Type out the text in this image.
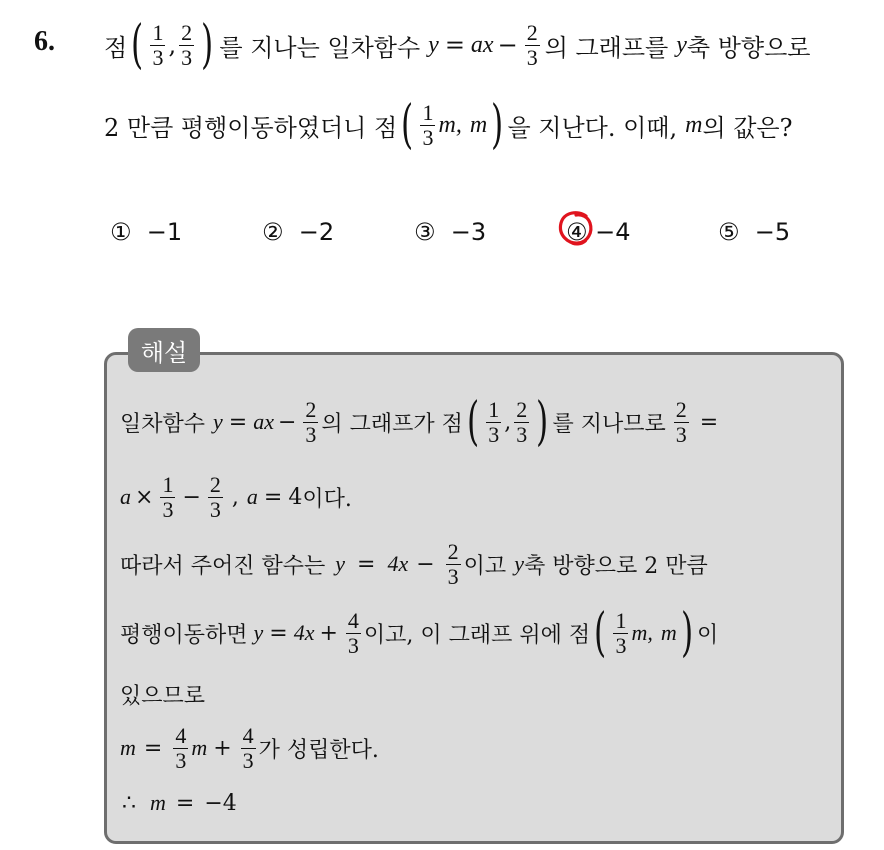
6. 점 ( $\frac{1}{3}$ , $\frac{2}{3}$ ) 를 지나는 일차함수 y = ax − $\frac{2}{3}$ 의 그래프를 y 축 방향으로
2 만큼 평행이동하였더니 점 ( $\frac{1}{3} m$, m ) 을 지난다. 이때, m 의 값은?
① −1	② −2	③ −3	④ −4	⑤ −5
해설
일차함수 y = ax − $\frac{2}{3}$ 의 그래프가 점 ( $\frac{1}{3}$ , $\frac{2}{3}$ ) 를 지나므로 $\frac{2}{3}$ =
$a \times \frac{1}{3} - \frac{2}{3}$ , a = 4 이다.
따라서 주어진 함수는 $y = 4x - \frac{2}{3}$ 이고 y 축 방향으로 2 만큼
평행이동하면 $y = 4x + \frac{4}{3}$ 이고, 이 그래프 위에 점 ( $\frac{1}{3} m$, m ) 이
있으므로
$m = \frac{4}{3}$ $m + \frac{4}{3}$ 가 성립한다.
∴ m = −4
